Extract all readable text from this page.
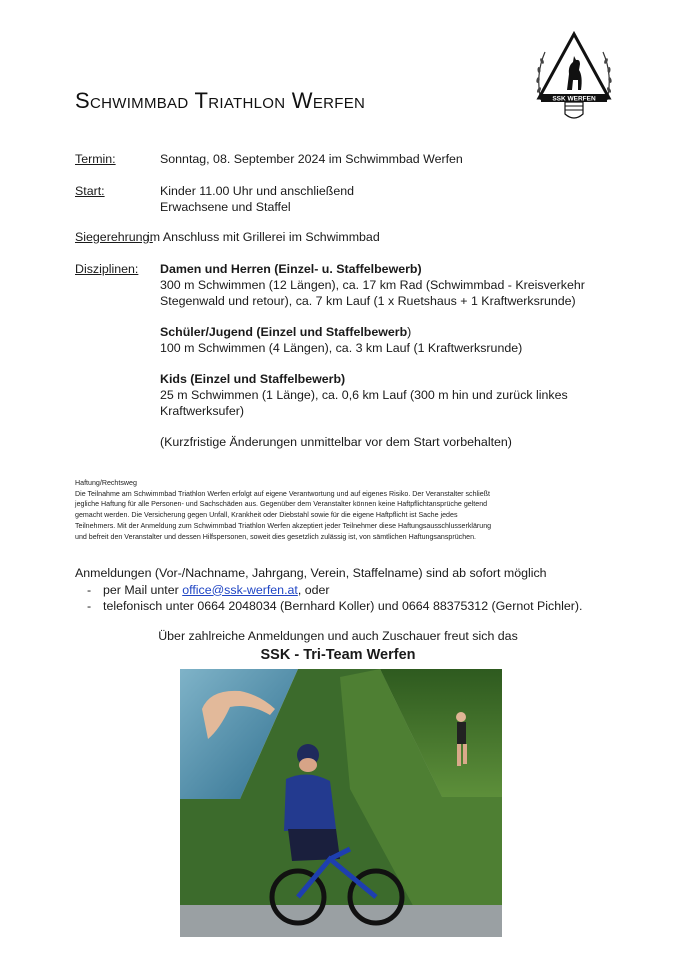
Schwimmbad Triathlon Werfen	SSK WERFEN
Termin:	Sonntag, 08. September 2024 im Schwimmbad Werfen
Start:	Kinder 11.00 Uhr und anschließend
Erwachsene und Staffel
Siegerehrung:
im Anschluss mit Grillerei im Schwimmbad
Disziplinen: Damen und Herren (Einzel- u. Staffelbewerb)
300 m Schwimmen (12 Längen), ca. 17 km Rad (Schwimmbad - Kreisverkehr
Stegenwald und retour), ca. 7 km Lauf (1 x Ruetshaus + 1 Kraftwerksrunde)
Schüler/Jugend (Einzel und Staffelbewerb)
100 m Schwimmen (4 Längen), ca. 3 km Lauf (1 Kraftwerksrunde)
Kids (Einzel und Staffelbewerb)
25 m Schwimmen (1 Länge), ca. 0,6 km Lauf (300 m hin und zurück linkes
Kraftwerksufer)
(Kurzfristige Änderungen unmittelbar vor dem Start vorbehalten)
Haftung/Rechtsweg
Die Teilnahme am Schwimmbad Triathlon Werfen erfolgt auf eigene Verantwortung und auf eigenes Risiko. Der Veranstalter schließt
jegliche Haftung für alle Personen- und Sachschäden aus. Gegenüber dem Veranstalter können keine Haftpflichtansprüche geltend
gemacht werden. Die Versicherung gegen Unfall, Krankheit oder Diebstahl sowie für die eigene Haftpflicht ist Sache jedes
Teilnehmers. Mit der Anmeldung zum Schwimmbad Triathlon Werfen akzeptiert jeder Teilnehmer diese Haftungsausschlusserklärung
und befreit den Veranstalter und dessen Hilfspersonen, soweit dies gesetzlich zulässig ist, von sämtlichen Haftungsansprüchen.
Anmeldungen (Vor-/Nachname, Jahrgang, Verein, Staffelname) sind ab sofort möglich
- per Mail unter office@ssk-werfen.at, oder
- telefonisch unter 0664 2048034 (Bernhard Koller) und 0664 88375312 (Gernot Pichler).
Über zahlreiche Anmeldungen und auch Zuschauer freut sich das
SSK - Tri-Team Werfen
